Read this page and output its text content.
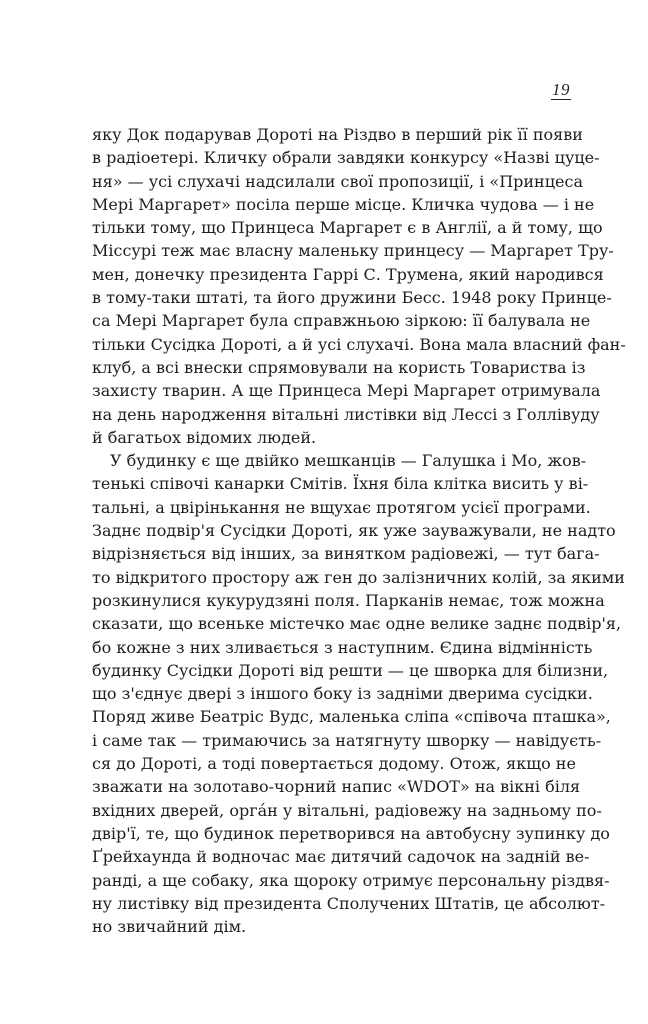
19
яку Док подарував Дороті на Різдво в перший рік її появи
в радіоетері. Кличку обрали завдяки конкурсу «Назві цуце-
ня» — усі слухачі надсилали свої пропозиції, і «Принцеса
Мері Маргарет» посіла перше місце. Кличка чудова — і не
тільки тому, що Принцеса Маргарет є в Англії, а й тому, що
Міссурі теж має власну маленьку принцесу — Маргарет Тру-
мен, донечку президента Гаррі С. Трумена, який народився
в тому-таки штаті, та його дружини Бесс. 1948 року Принце-
са Мері Маргарет була справжньою зіркою: її балувала не
тільки Сусідка Дороті, а й усі слухачі. Вона мала власний фан-
клуб, а всі внески спрямовували на користь Товариства із
захисту тварин. А ще Принцеса Мері Маргарет отримувала
на день народження вітальні листівки від Лессі з Голлівуду
й багатьох відомих людей.
У будинку є ще двійко мешканців — Галушка і Мо, жов-
тенькі співочі канарки Смітів. Їхня біла клітка висить у ві-
тальні, а цвірінькання не вщухає протягом усієї програми.
Заднє подвір'я Сусідки Дороті, як уже зауважували, не надто
відрізняється від інших, за винятком радіовежі, — тут бага-
то відкритого простору аж ген до залізничних колій, за якими
розкинулися кукурудзяні поля. Парканів немає, тож можна
сказати, що всеньке містечко має одне велике заднє подвір'я,
бо кожне з них зливається з наступним. Єдина відмінність
будинку Сусідки Дороті від решти — це шворка для білизни,
що з'єднує двері з іншого боку із задніми дверима сусідки.
Поряд живе Беатріс Вудс, маленька сліпа «співоча пташка»,
і саме так — тримаючись за натягнуту шворку — навідуєть-
ся до Дороті, а тоді повертається додому. Отож, якщо не
зважати на золотаво-чорний напис «WDOT» на вікні біля
вхідних дверей, орга́н у вітальні, радіовежу на задньому по-
двір'ї, те, що будинок перетворився на автобусну зупинку до
Ґрейхаунда й водночас має дитячий садочок на задній ве-
ранді, а ще собаку, яка щороку отримує персональну різдвя-
ну листівку від президента Сполучених Штатів, це абсолют-
но звичайний дім.
